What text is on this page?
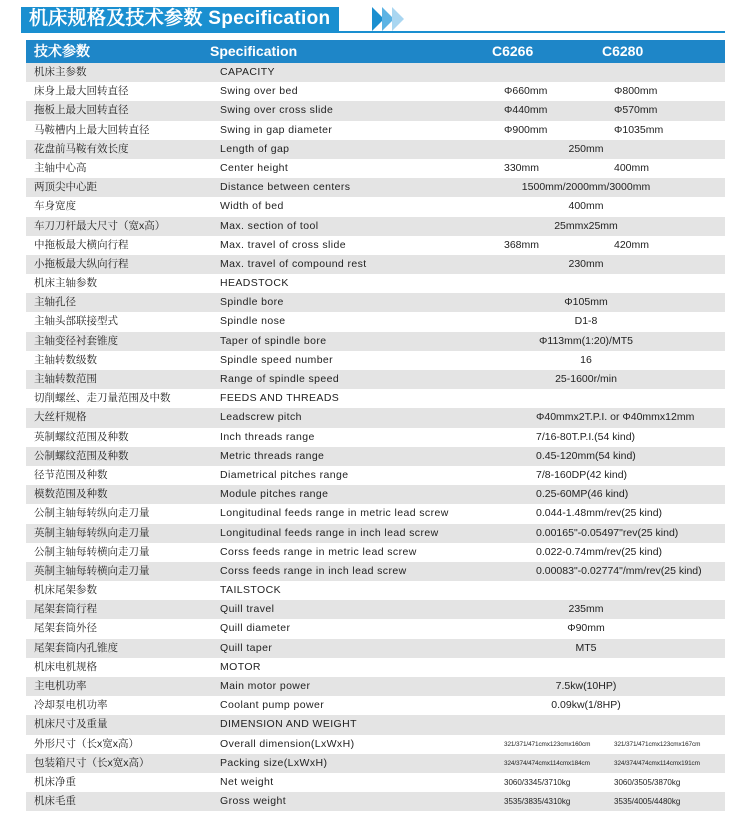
机床规格及技术参数 Specification
技术参数	Specification	C6266	C6280
机床主参数	CAPACITY
床身上最大回转直径	Swing over bed	Φ660mm	Φ800mm
拖板上最大回转直径	Swing over cross slide	Φ440mm	Φ570mm
马鞍槽内上最大回转直径	Swing in gap diameter	Φ900mm	Φ1035mm
花盘前马鞍有效长度	Length of gap	250mm
主轴中心高	Center height	330mm	400mm
两顶尖中心距	Distance between centers	1500mm/2000mm/3000mm
车身宽度	Width of bed	400mm
车刀刀杆最大尺寸（宽x高）	Max. section of tool	25mmx25mm
中拖板最大横向行程	Max. travel of cross slide	368mm	420mm
小拖板最大纵向行程	Max. travel of compound rest	230mm
机床主轴参数	HEADSTOCK
主轴孔径	Spindle bore	Φ105mm
主轴头部联接型式	Spindle nose	D1-8
主轴变径衬套锥度	Taper of spindle bore	Φ113mm(1:20)/MT5
主轴转数级数	Spindle speed number	16
主轴转数范围	Range of spindle speed	25-1600r/min
切削螺丝、走刀量范围及中数	FEEDS AND THREADS
大丝杆规格	Leadscrew pitch	Φ40mmx2T.P.I. or Φ40mmx12mm
英制螺纹范围及种数	Inch threads range	7/16-80T.P.I.(54 kind)
公制螺纹范围及种数	Metric threads range	0.45-120mm(54 kind)
径节范围及种数	Diametrical pitches range	7/8-160DP(42 kind)
模数范围及种数	Module pitches range	0.25-60MP(46 kind)
公制主轴每转纵向走刀量	Longitudinal feeds range in metric lead screw	0.044-1.48mm/rev(25 kind)
英制主轴每转纵向走刀量	Longitudinal feeds range in inch lead screw	0.00165"-0.05497"rev(25 kind)
公制主轴每转横向走刀量	Corss feeds range in metric lead screw	0.022-0.74mm/rev(25 kind)
英制主轴每转横向走刀量	Corss feeds range in inch lead screw	0.00083"-0.02774"/mm/rev(25 kind)
机床尾架参数	TAILSTOCK
尾架套筒行程	Quill travel	235mm
尾架套筒外径	Quill diameter	Φ90mm
尾架套筒内孔锥度	Quill taper	MT5
机床电机规格	MOTOR
主电机功率	Main motor power	7.5kw(10HP)
冷却泵电机功率	Coolant pump power	0.09kw(1/8HP)
机床尺寸及重量	DIMENSION AND WEIGHT
外形尺寸（长x宽x高）	Overall dimension(LxWxH)	321/371/471cmx123cmx160cm	321/371/471cmx123cmx167cm
包装箱尺寸（长x宽x高）	Packing size(LxWxH)	324/374/474cmx114cmx184cm	324/374/474cmx114cmx191cm
机床净重	Net weight	3060/3345/3710kg	3060/3505/3870kg
机床毛重	Gross weight	3535/3835/4310kg	3535/4005/4480kg
